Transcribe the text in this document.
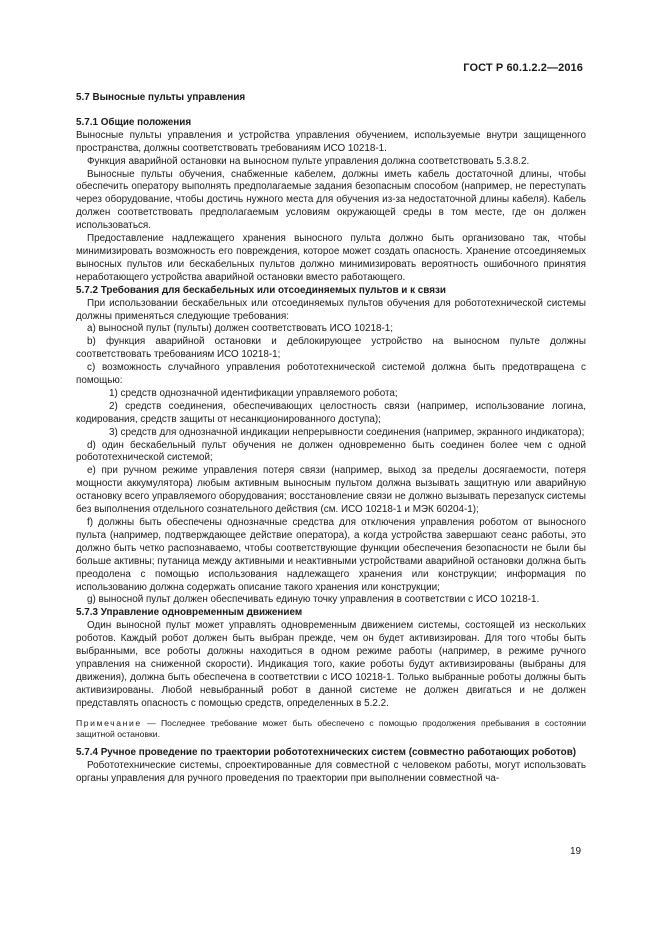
ГОСТ Р 60.1.2.2—2016

5.7 Выносные пульты управления

5.7.1 Общие положения

Выносные пульты управления и устройства управления обучением, используемые внутри защищенного пространства, должны соответствовать требованиям ИСО 10218-1.

Функция аварийной остановки на выносном пульте управления должна соответствовать 5.3.8.2.

Выносные пульты обучения, снабженные кабелем, должны иметь кабель достаточной длины, чтобы обеспечить оператору выполнять предполагаемые задания безопасным способом (например, не переступать через оборудование, чтобы достичь нужного места для обучения из-за недостаточной длины кабеля). Кабель должен соответствовать предполагаемым условиям окружающей среды в том месте, где он должен использоваться.

Предоставление надлежащего хранения выносного пульта должно быть организовано так, чтобы минимизировать возможность его повреждения, которое может создать опасность. Хранение отсоединяемых выносных пультов или бескабельных пультов должно минимизировать вероятность ошибочного принятия неработающего устройства аварийной остановки вместо работающего.

5.7.2 Требования для бескабельных или отсоединяемых пультов и к связи

При использовании бескабельных или отсоединяемых пультов обучения для робототехнической системы должны применяться следующие требования:

a) выносной пульт (пульты) должен соответствовать ИСО 10218-1;

b) функция аварийной остановки и деблокирующее устройство на выносном пульте должны соответствовать требованиям ИСО 10218-1;

c) возможность случайного управления робототехнической системой должна быть предотвращена с помощью:

1) средств однозначной идентификации управляемого робота;

2) средств соединения, обеспечивающих целостность связи (например, использование логина, кодирования, средств защиты от несанкционированного доступа);

3) средств для однозначной индикации непрерывности соединения (например, экранного индикатора);

d) один бескабельный пульт обучения не должен одновременно быть соединен более чем с одной робототехнической системой;

e) при ручном режиме управления потеря связи (например, выход за пределы досягаемости, потеря мощности аккумулятора) любым активным выносным пультом должна вызывать защитную или аварийную остановку всего управляемого оборудования; восстановление связи не должно вызывать перезапуск системы без выполнения отдельного сознательного действия (см. ИСО 10218-1 и МЭК 60204-1);

f) должны быть обеспечены однозначные средства для отключения управления роботом от выносного пульта (например, подтверждающее действие оператора), а когда устройства завершают сеанс работы, это должно быть четко распознаваемо, чтобы соответствующие функции обеспечения безопасности не были бы больше активны; путаница между активными и неактивными устройствами аварийной остановки должна быть преодолена с помощью использования надлежащего хранения или конструкции; информация по использованию должна содержать описание такого хранения или конструкции;

g) выносной пульт должен обеспечивать единую точку управления в соответствии с ИСО 10218-1.

5.7.3 Управление одновременным движением

Один выносной пульт может управлять одновременным движением системы, состоящей из нескольких роботов. Каждый робот должен быть выбран прежде, чем он будет активизирован. Для того чтобы быть выбранными, все роботы должны находиться в одном режиме работы (например, в режиме ручного управления на сниженной скорости). Индикация того, какие роботы будут активизированы (выбраны для движения), должна быть обеспечена в соответствии с ИСО 10218-1. Только выбранные роботы должны быть активизированы. Любой невыбранный робот в данной системе не должен двигаться и не должен представлять опасность с помощью средств, определенных в 5.2.2.

Примечание — Последнее требование может быть обеспечено с помощью продолжения пребывания в состоянии защитной остановки.

5.7.4 Ручное проведение по траектории робототехнических систем (совместно работающих роботов)

Робототехнические системы, спроектированные для совместной с человеком работы, могут использовать органы управления для ручного проведения по траектории при выполнении совместной ча-

19
